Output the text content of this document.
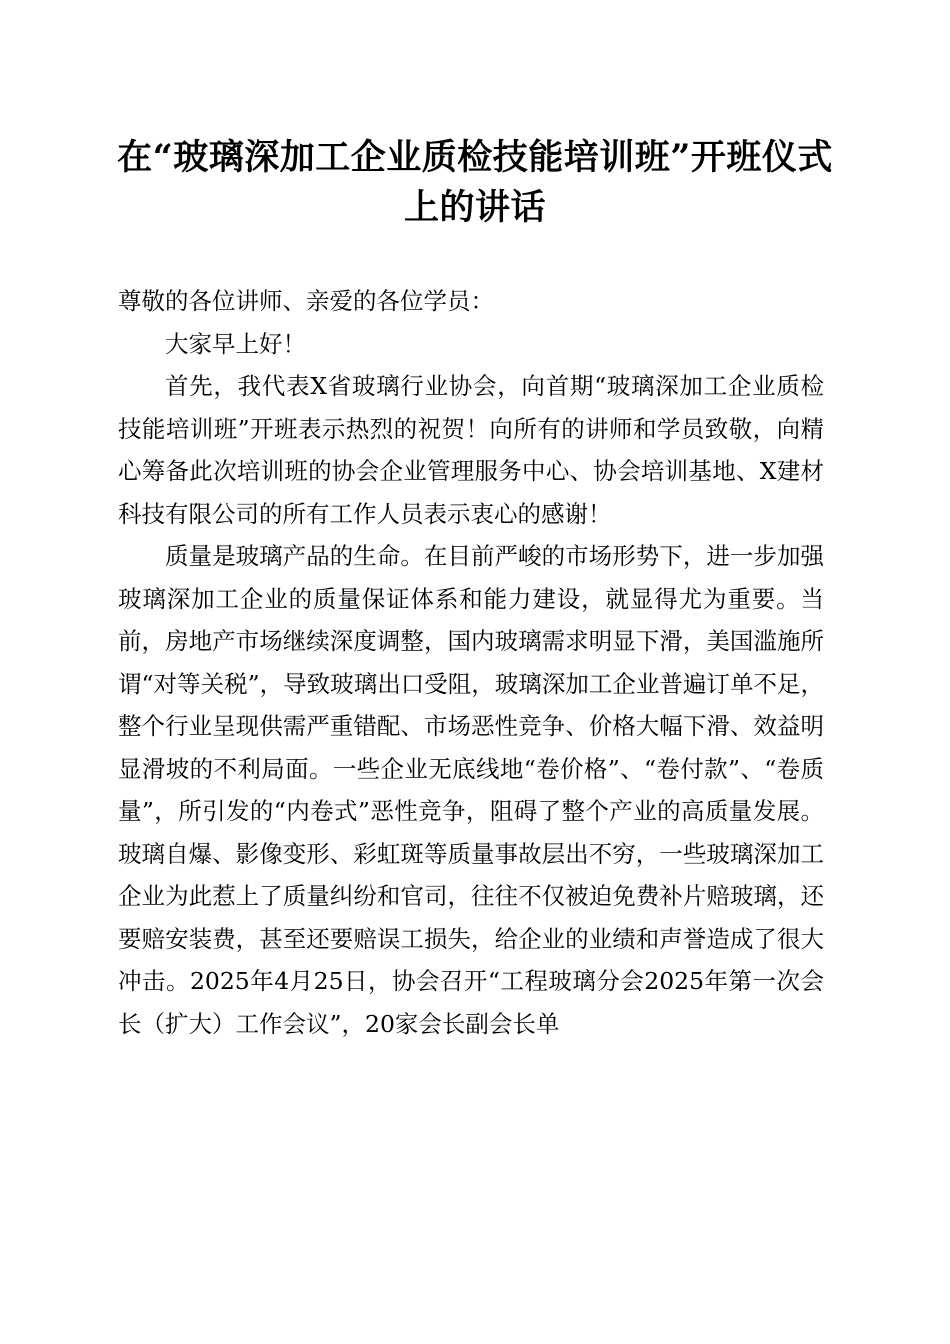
在“玻璃深加工企业质检技能培训班”开班仪式上的讲话

尊敬的各位讲师、亲爱的各位学员：

大家早上好！

首先，我代表X省玻璃行业协会，向首期“玻璃深加工企业质检技能培训班”开班表示热烈的祝贺！向所有的讲师和学员致敬，向精心筹备此次培训班的协会企业管理服务中心、协会培训基地、X建材科技有限公司的所有工作人员表示衷心的感谢！

质量是玻璃产品的生命。在目前严峻的市场形势下，进一步加强玻璃深加工企业的质量保证体系和能力建设，就显得尤为重要。当前，房地产市场继续深度调整，国内玻璃需求明显下滑，美国滥施所谓“对等关税”，导致玻璃出口受阻，玻璃深加工企业普遍订单不足，整个行业呈现供需严重错配、市场恶性竞争、价格大幅下滑、效益明显滑坡的不利局面。一些企业无底线地“卷价格”、“卷付款”、“卷质量”，所引发的“内卷式”恶性竞争，阻碍了整个产业的高质量发展。玻璃自爆、影像变形、彩虹斑等质量事故层出不穷，一些玻璃深加工企业为此惹上了质量纠纷和官司，往往不仅被迫免费补片赔玻璃，还要赔安装费，甚至还要赔误工损失，给企业的业绩和声誉造成了很大冲击。2025年4月25日，协会召开“工程玻璃分会2025年第一次会长（扩大）工作会议”，20家会长副会长单
